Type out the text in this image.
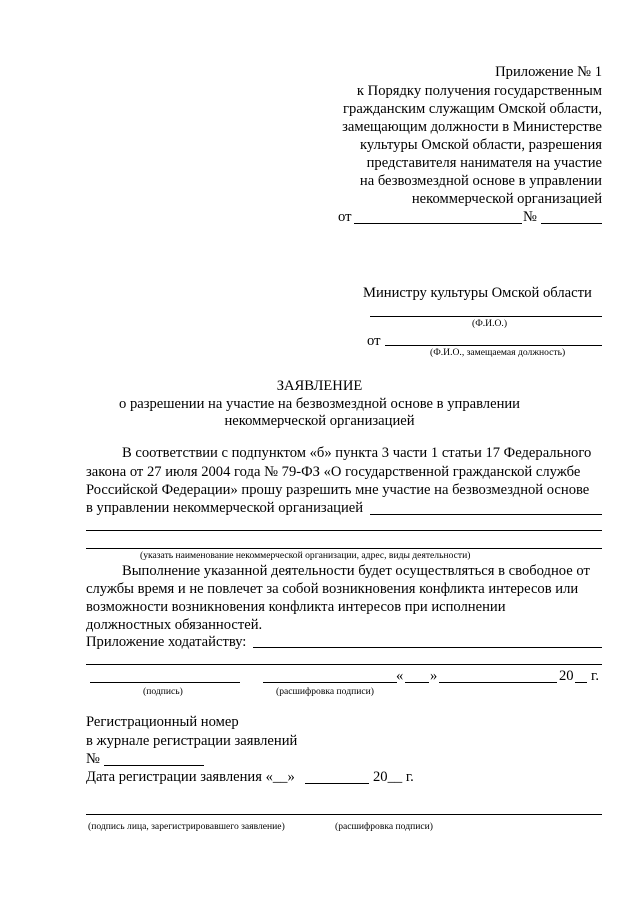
Приложение № 1
к Порядку получения государственным
гражданским служащим Омской области,
замещающим должности в Министерстве
культуры Омской области, разрешения
представителя нанимателя на участие
на безвозмездной основе в управлении
некоммерческой организацией
от	№
Министру культуры Омской области
(Ф.И.О.)
от
(Ф.И.О., замещаемая должность)
ЗАЯВЛЕНИЕ
о разрешении на участие на безвозмездной основе в управлении
некоммерческой организацией
В соответствии с подпунктом «б» пункта 3 части 1 статьи 17 Федерального
закона от 27 июля 2004 года № 79-ФЗ «О государственной гражданской службе
Российской Федерации» прошу разрешить мне участие на безвозмездной основе
в управлении некоммерческой организацией
(указать наименование некоммерческой организации, адрес, виды деятельности)
Выполнение указанной деятельности будет осуществляться в свободное от
службы время и не повлечет за собой возникновения конфликта интересов или
возможности возникновения конфликта интересов при исполнении
должностных обязанностей.
Приложение ходатайству:
« »	20 г.
(подпись)	(расшифровка подписи)
Регистрационный номер
в журнале регистрации заявлений
№
Дата регистрации заявления «__»	20__ г.
(подпись лица, зарегистрировавшего заявление)	(расшифровка подписи)
